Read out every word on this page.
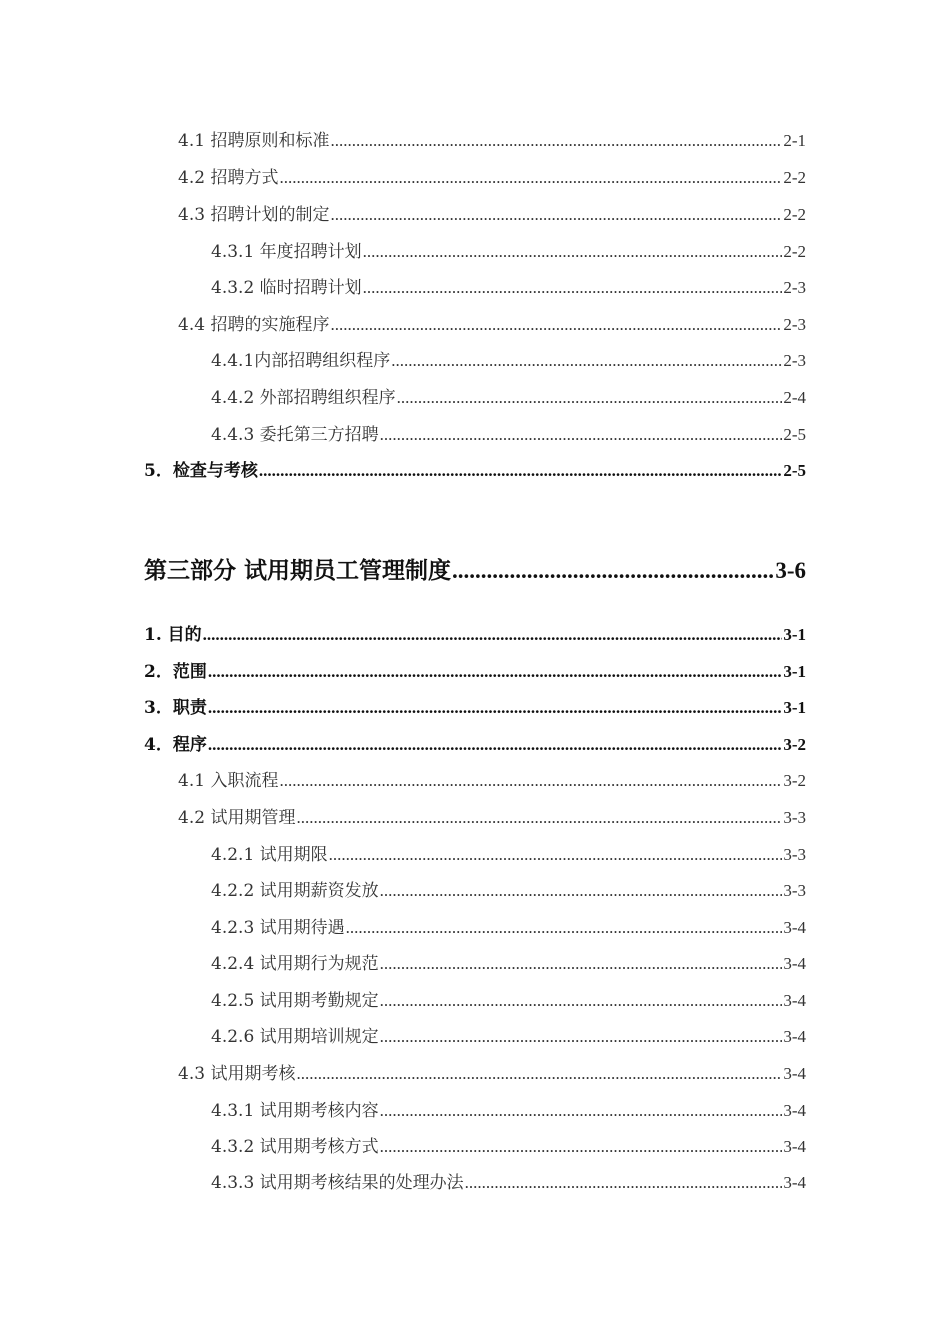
4.1 招聘原则和标准 .....	2-1
4.2 招聘方式 .....	2-2
4.3 招聘计划的制定 .....	2-2
4.3.1 年度招聘计划 .....	2-2
4.3.2 临时招聘计划 .....	2-3
4.4 招聘的实施程序 .....	2-3
4.4.1内部招聘组织程序 .....	2-3
4.4.2 外部招聘组织程序 .....	2-4
4.4.3 委托第三方招聘 .....	2-5
5．检查与考核 .....	2-5
第三部分 试用期员工管理制度 .....	3-6
1. 目的 .....	3-1
2．范围 .....	3-1
3．职责 .....	3-1
4．程序 .....	3-2
4.1 入职流程 .....	3-2
4.2 试用期管理 .....	3-3
4.2.1 试用期限 .....	3-3
4.2.2 试用期薪资发放 .....	3-3
4.2.3 试用期待遇 .....	3-4
4.2.4 试用期行为规范 .....	3-4
4.2.5 试用期考勤规定 .....	3-4
4.2.6 试用期培训规定 .....	3-4
4.3 试用期考核 .....	3-4
4.3.1 试用期考核内容 .....	3-4
4.3.2 试用期考核方式 .....	3-4
4.3.3 试用期考核结果的处理办法 .....	3-4
